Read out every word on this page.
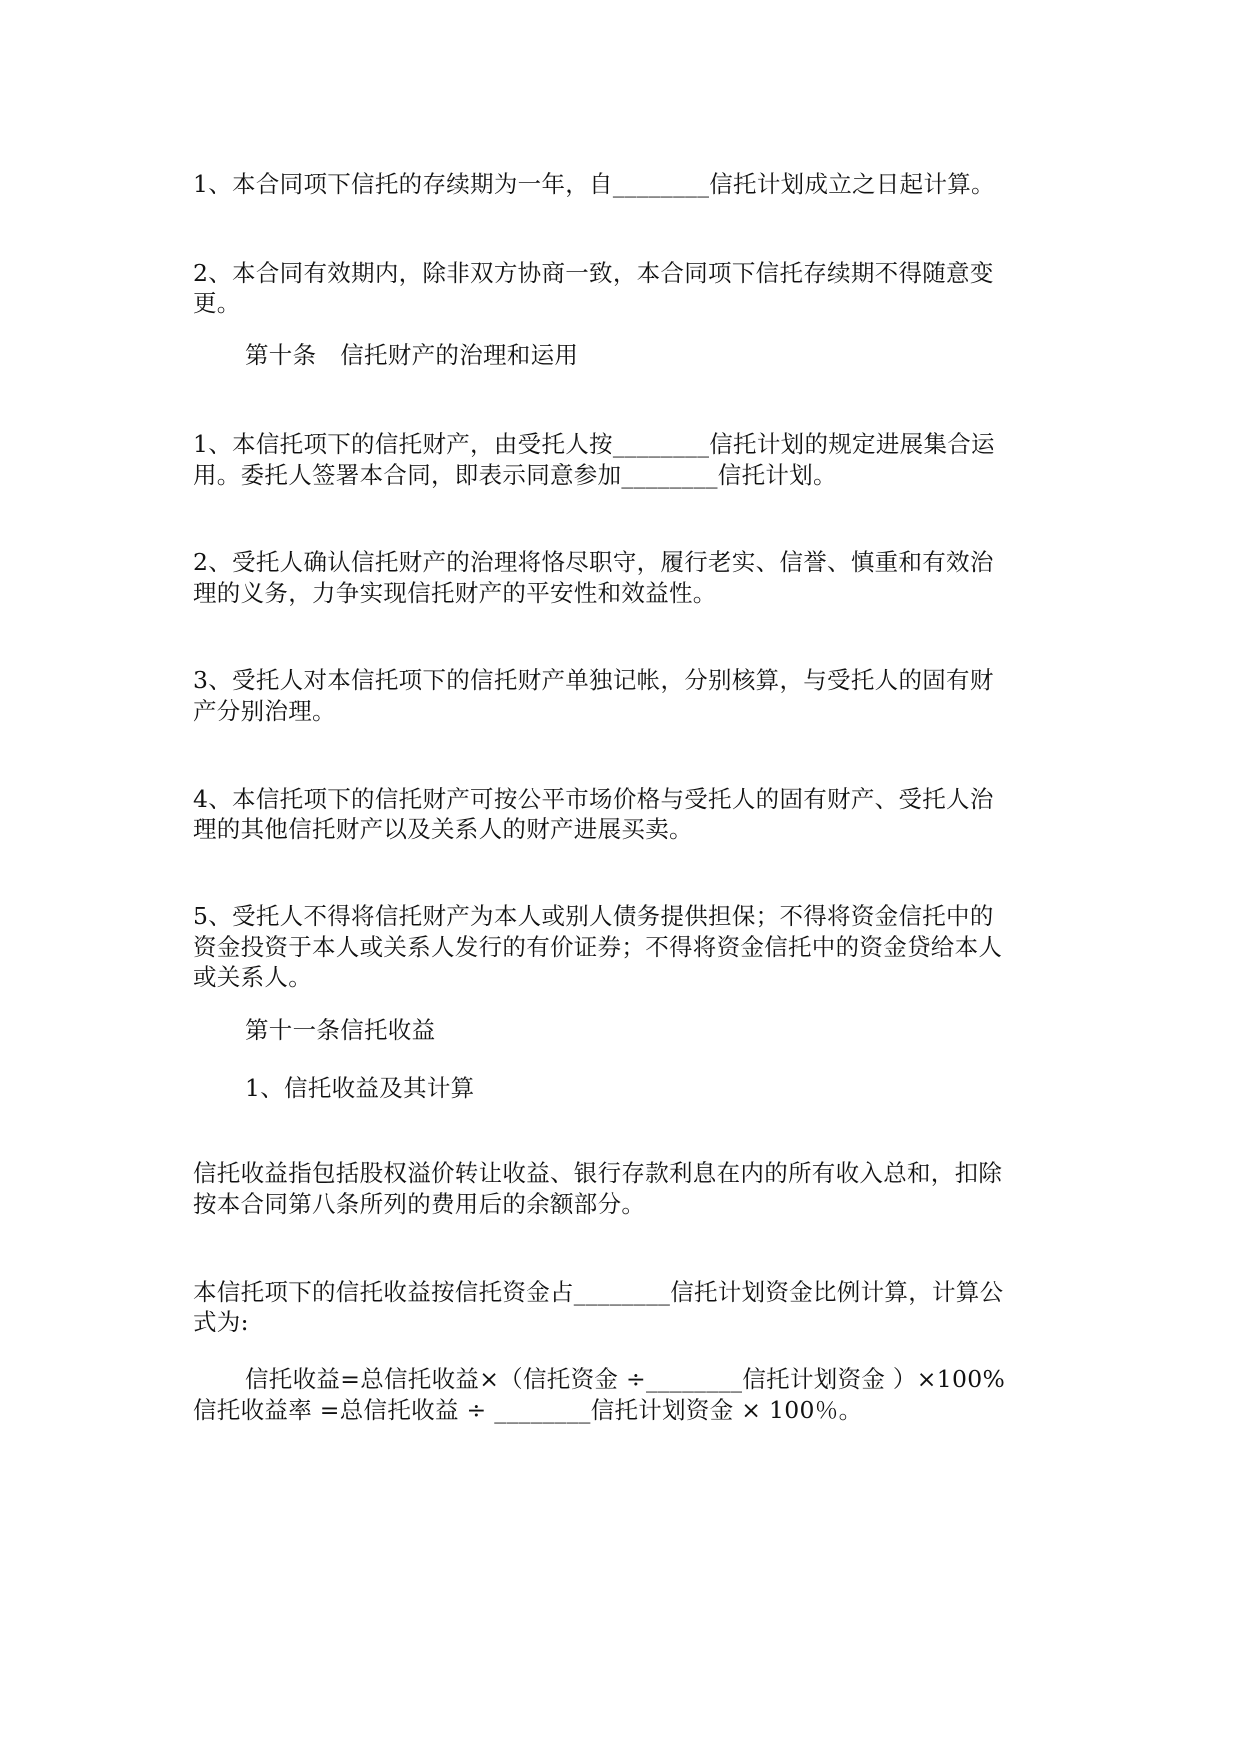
1、本合同项下信托的存续期为一年，自________信托计划成立之日起计算。
2、本合同有效期内，除非双方协商一致，本合同项下信托存续期不得随意变
更。
第十条　信托财产的治理和运用
1、本信托项下的信托财产，由受托人按________信托计划的规定进展集合运
用。委托人签署本合同，即表示同意参加________信托计划。
2、受托人确认信托财产的治理将恪尽职守，履行老实、信誉、慎重和有效治
理的义务，力争实现信托财产的平安性和效益性。
3、受托人对本信托项下的信托财产单独记帐，分别核算，与受托人的固有财
产分别治理。
4、本信托项下的信托财产可按公平市场价格与受托人的固有财产、受托人治
理的其他信托财产以及关系人的财产进展买卖。
5、受托人不得将信托财产为本人或别人债务提供担保；不得将资金信托中的
资金投资于本人或关系人发行的有价证券；不得将资金信托中的资金贷给本人
或关系人。
第十一条信托收益
1、信托收益及其计算
信托收益指包括股权溢价转让收益、银行存款利息在内的所有收入总和，扣除
按本合同第八条所列的费用后的余额部分。
本信托项下的信托收益按信托资金占________信托计划资金比例计算，计算公
式为:
信托收益=总信托收益×（信托资金 ÷________信托计划资金 ）×100%
信托收益率 =总信托收益 ÷ ________信托计划资金 × 100％。
